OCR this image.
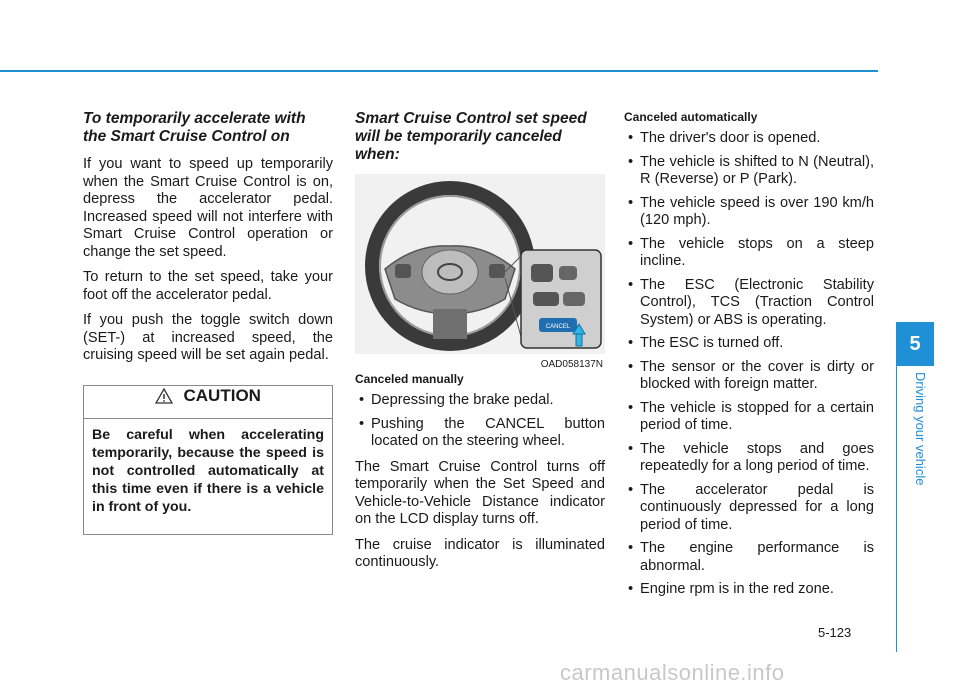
To temporarily accelerate with the Smart Cruise Control on

If you want to speed up temporarily when the Smart Cruise Control is on, depress the accelerator pedal. Increased speed will not interfere with Smart Cruise Control operation or change the set speed.

To return to the set speed, take your foot off the accelerator pedal.

If you push the toggle switch down (SET-) at increased speed, the cruising speed will be set again pedal.

CAUTION
Be careful when accelerating temporarily, because the speed is not controlled automatically at this time even if there is a vehicle in front of you.
Smart Cruise Control set speed will be temporarily canceled when:
CANCEL
OAD058137N
Canceled manually
• Depressing the brake pedal.
• Pushing the CANCEL button located on the steering wheel.

The Smart Cruise Control turns off temporarily when the Set Speed and Vehicle-to-Vehicle Distance indicator on the LCD display turns off.

The cruise indicator is illuminated continuously.

Canceled automatically
• The driver's door is opened.
• The vehicle is shifted to N (Neutral), R (Reverse) or P (Park).
• The vehicle speed is over 190 km/h (120 mph).
• The vehicle stops on a steep incline.
• The ESC (Electronic Stability Control), TCS (Traction Control System) or ABS is operating.
• The ESC is turned off.
• The sensor or the cover is dirty or blocked with foreign matter.
• The vehicle is stopped for a certain period of time.
• The vehicle stops and goes repeatedly for a long period of time.
• The accelerator pedal is continuously depressed for a long period of time.
• The engine performance is abnormal.
• Engine rpm is in the red zone.
5
Driving your vehicle
5-123
carmanualsonline.info
